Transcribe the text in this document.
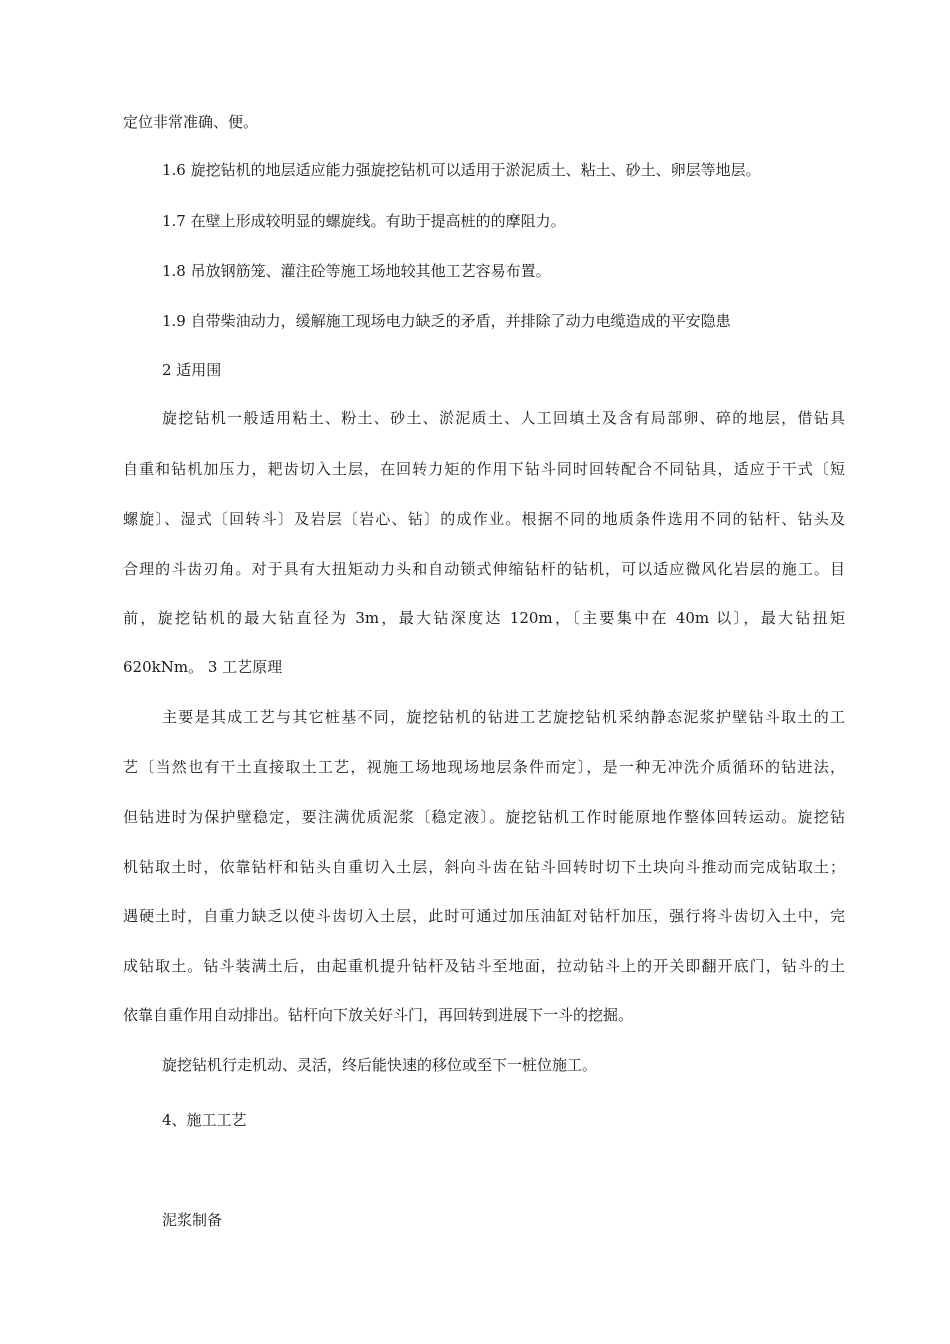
定位非常准确、便。
1.6 旋挖钻机的地层适应能力强旋挖钻机可以适用于淤泥质土、粘土、砂土、卵层等地层。
1.7 在壁上形成较明显的螺旋线。有助于提高桩的的摩阻力。
1.8 吊放钢筋笼、灌注砼等施工场地较其他工艺容易布置。
1.9 自带柴油动力，缓解施工现场电力缺乏的矛盾，并排除了动力电缆造成的平安隐患
2 适用围
旋挖钻机一般适用粘土、粉土、砂土、淤泥质土、人工回填土及含有局部卵、碎的地层，借钻具
自重和钻机加压力，耙齿切入土层，在回转力矩的作用下钻斗同时回转配合不同钻具，适应于干式〔短
螺旋〕、湿式〔回转斗〕及岩层〔岩心、钻〕的成作业。根据不同的地质条件选用不同的钻杆、钻头及
合理的斗齿刃角。对于具有大扭矩动力头和自动锁式伸缩钻杆的钻机，可以适应微风化岩层的施工。目
前，旋挖钻机的最大钻直径为 3m，最大钻深度达 120m，〔主要集中在 40m 以〕，最大钻扭矩
620kNm。 3 工艺原理
主要是其成工艺与其它桩基不同，旋挖钻机的钻进工艺旋挖钻机采纳静态泥浆护壁钻斗取土的工
艺〔当然也有干土直接取土工艺，视施工场地现场地层条件而定〕，是一种无冲洗介质循环的钻进法，
但钻进时为保护壁稳定，要注满优质泥浆〔稳定液〕。旋挖钻机工作时能原地作整体回转运动。旋挖钻
机钻取土时，依靠钻杆和钻头自重切入土层，斜向斗齿在钻斗回转时切下土块向斗推动而完成钻取土；
遇硬土时，自重力缺乏以使斗齿切入土层，此时可通过加压油缸对钻杆加压，强行将斗齿切入土中，完
成钻取土。钻斗装满土后，由起重机提升钻杆及钻斗至地面，拉动钻斗上的开关即翻开底门，钻斗的土
依靠自重作用自动排出。钻杆向下放关好斗门，再回转到进展下一斗的挖掘。
旋挖钻机行走机动、灵活，终后能快速的移位或至下一桩位施工。
4、施工工艺
泥浆制备
